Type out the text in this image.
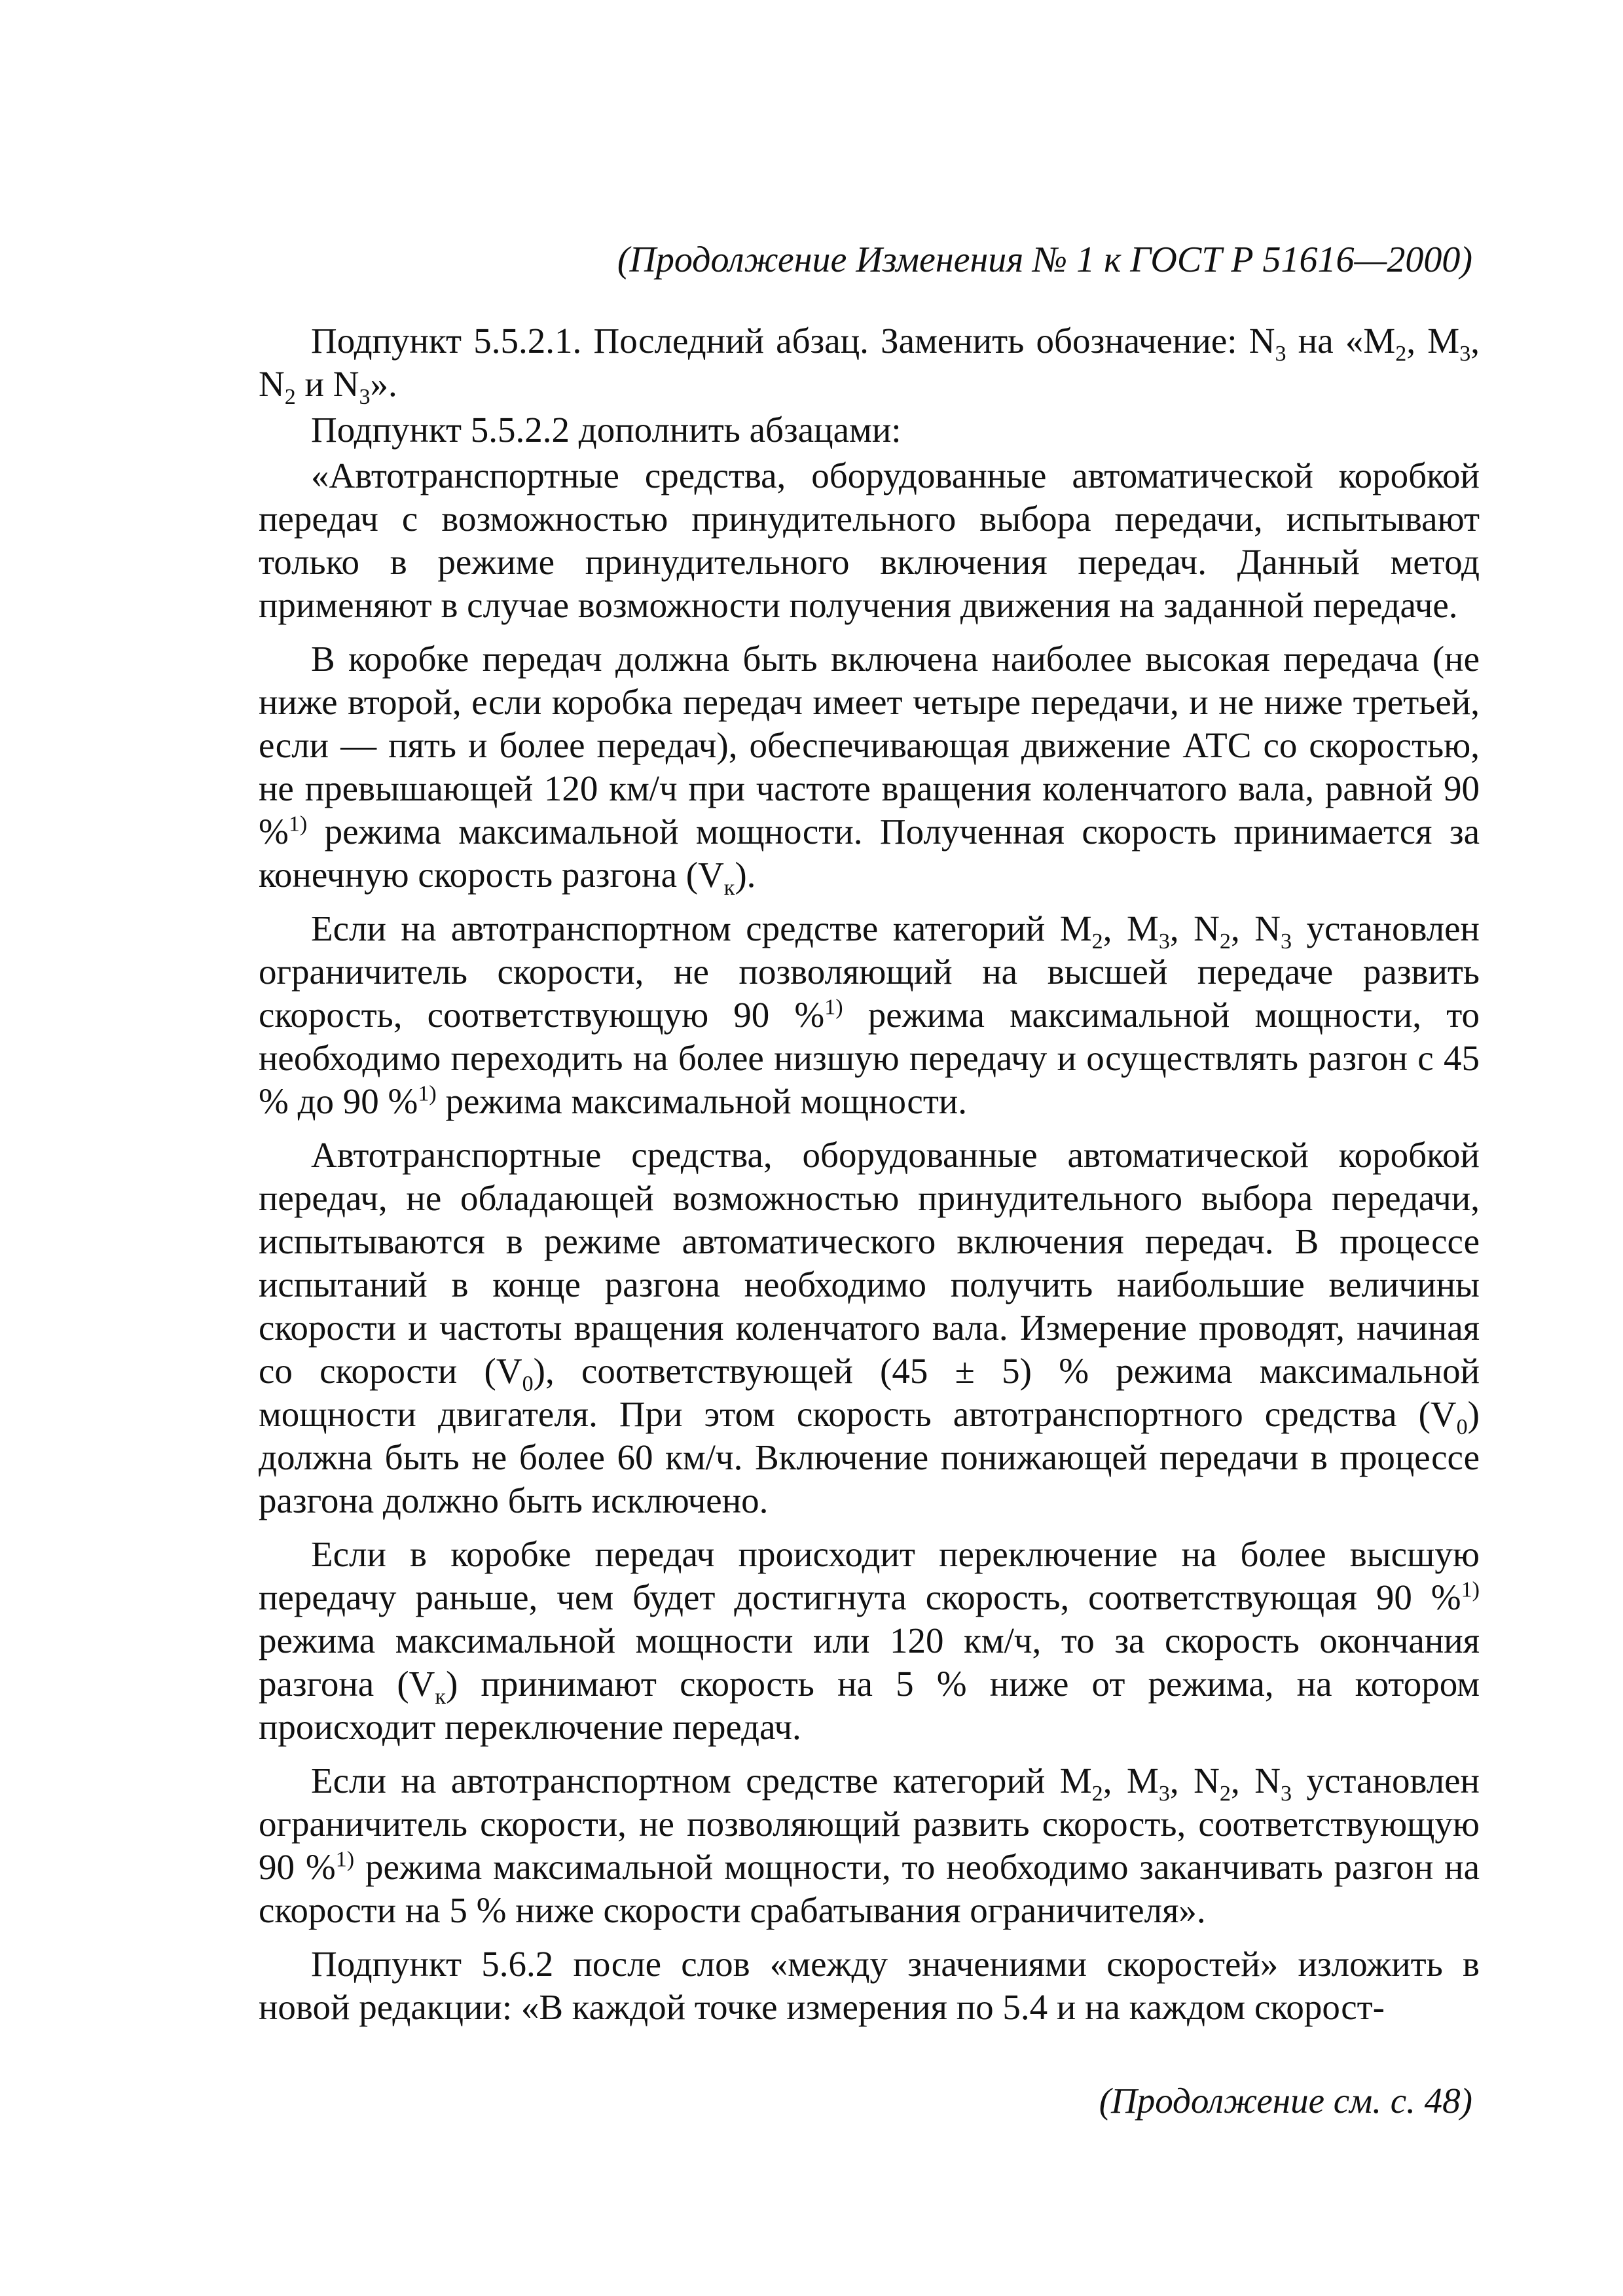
(Продолжение Изменения № 1 к ГОСТ Р 51616—2000)

Подпункт 5.5.2.1. Последний абзац. Заменить обозначение: $N_3$ на «$M_2$, $M_3$, $N_2$ и $N_3$».

Подпункт 5.5.2.2 дополнить абзацами:

«Автотранспортные средства, оборудованные автоматической коробкой передач с возможностью принудительного выбора передачи, испытывают только в режиме принудительного включения передач. Данный метод применяют в случае возможности получения движения на заданной передаче.

В коробке передач должна быть включена наиболее высокая передача (не ниже второй, если коробка передач имеет четыре передачи, и не ниже третьей, если — пять и более передач), обеспечивающая движение АТС со скоростью, не превышающей 120 км/ч при частоте вращения коленчатого вала, равной 90 %$^{1)}$ режима максимальной мощности. Полученная скорость принимается за конечную скорость разгона $(V_к)$.

Если на автотранспортном средстве категорий $M_2$, $M_3$, $N_2$, $N_3$ установлен ограничитель скорости, не позволяющий на высшей передаче развить скорость, соответствующую 90 %$^{1)}$ режима максимальной мощности, то необходимо переходить на более низшую передачу и осуществлять разгон с 45 % до 90 %$^{1)}$ режима максимальной мощности.

Автотранспортные средства, оборудованные автоматической коробкой передач, не обладающей возможностью принудительного выбора передачи, испытываются в режиме автоматического включения передач. В процессе испытаний в конце разгона необходимо получить наибольшие величины скорости и частоты вращения коленчатого вала. Измерение проводят, начиная со скорости $(V_0)$, соответствующей (45 ± 5) % режима максимальной мощности двигателя. При этом скорость автотранспортного средства $(V_0)$ должна быть не более 60 км/ч. Включение понижающей передачи в процессе разгона должно быть исключено.

Если в коробке передач происходит переключение на более высшую передачу раньше, чем будет достигнута скорость, соответствующая 90 %$^{1)}$ режима максимальной мощности или 120 км/ч, то за скорость окончания разгона $(V_к)$ принимают скорость на 5 % ниже от режима, на котором происходит переключение передач.

Если на автотранспортном средстве категорий $M_2$, $M_3$, $N_2$, $N_3$ установлен ограничитель скорости, не позволяющий развить скорость, соответствующую 90 %$^{1)}$ режима максимальной мощности, то необходимо заканчивать разгон на скорости на 5 % ниже скорости срабатывания ограничителя».

Подпункт 5.6.2 после слов «между значениями скоростей» изложить в новой редакции: «В каждой точке измерения по 5.4 и на каждом скорост-

(Продолжение см. с. 48)
